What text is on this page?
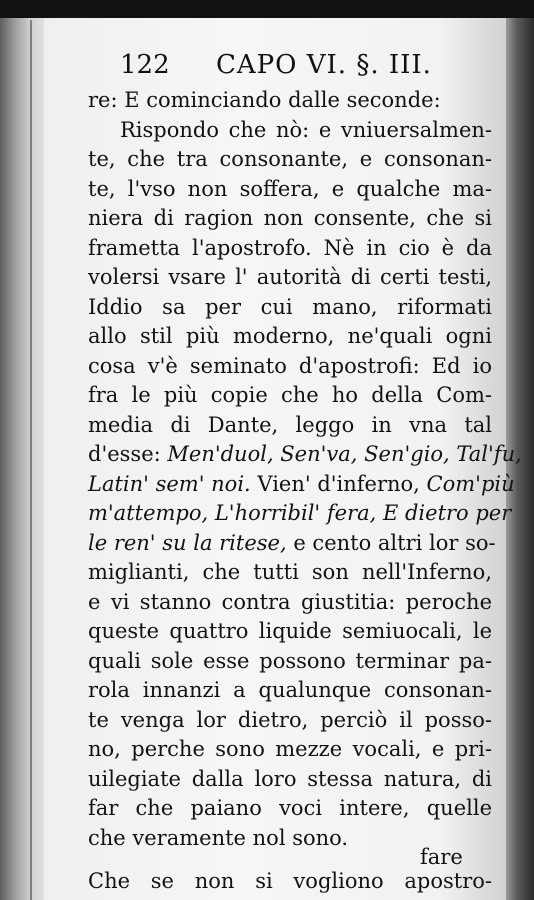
122 CAPO VI. §. III.
re: E cominciando dalle seconde:
Rispondo che nò: e vniuersalmen-
te, che tra consonante, e consonan-
te, l'vso non soffera, e qualche ma-
niera di ragion non consente, che si
frametta l'apostrofo. Nè in cio è da
volersi vsare l' autorità di certi testi,
Iddio sa per cui mano, riformati
allo stil più moderno, ne'quali ogni
cosa v'è seminato d'apostrofi: Ed io
fra le più copie che ho della Com-
media di Dante, leggo in vna tal
d'esse: Men'duol, Sen'va, Sen'gio, Tal'fu,
Latin' sem' noi. Vien' d'inferno, Com'più
m'attempo, L'horribil' fera, E dietro per
le ren' su la ritese, e cento altri lor so-
miglianti, che tutti son nell'Inferno,
e vi stanno contra giustitia: peroche
queste quattro liquide semiuocali, le
quali sole esse possono terminar pa-
rola innanzi a qualunque consonan-
te venga lor dietro, perciò il posso-
no, perche sono mezze vocali, e pri-
uilegiate dalla loro stessa natura, di
far che paiano voci intere, quelle
che veramente nol sono.
Che se non si vogliono apostro-
fare
